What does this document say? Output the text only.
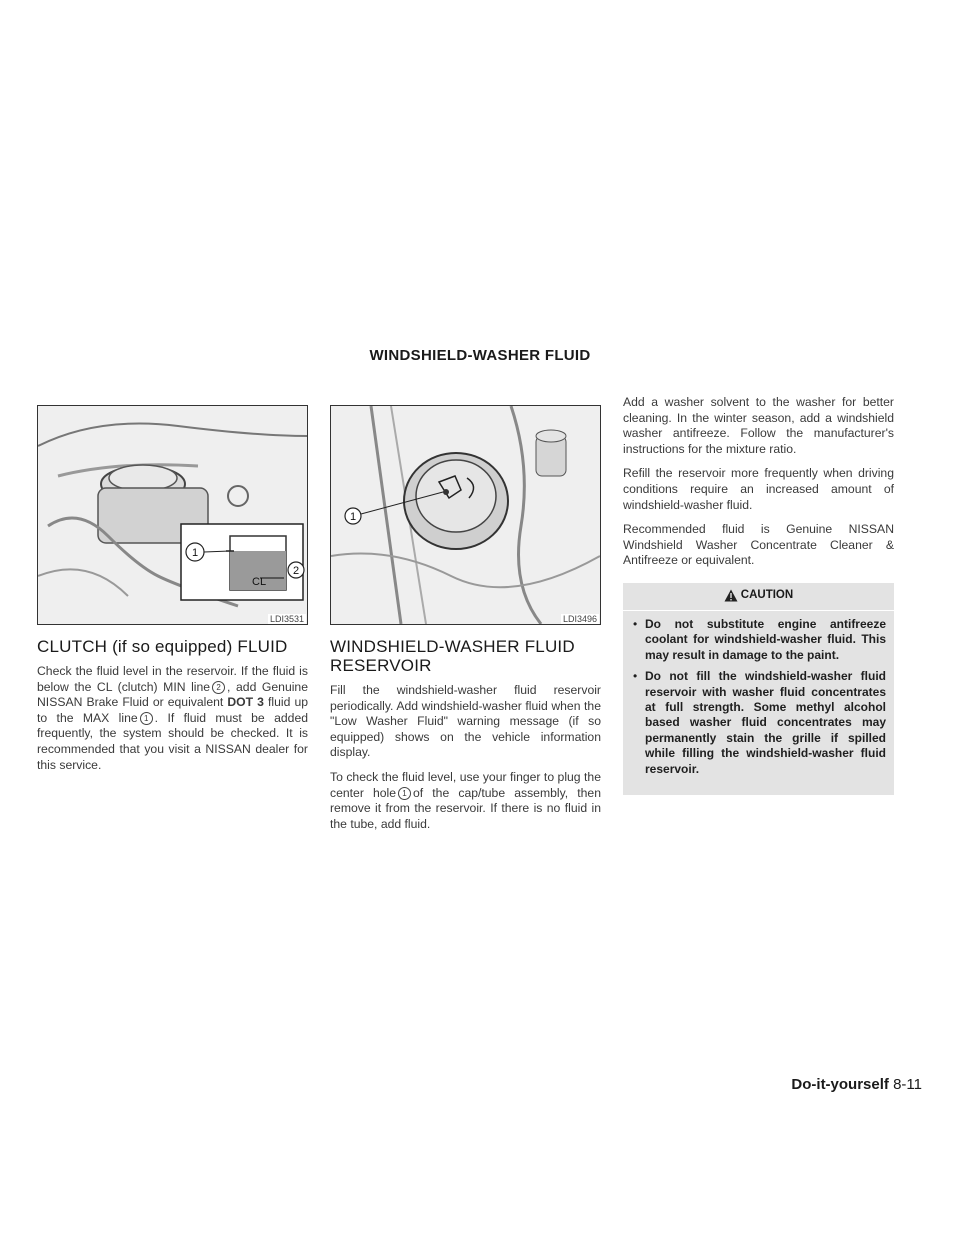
WINDSHIELD-WASHER FLUID
CL
1
2
LDI3531
CLUTCH (if so equipped) FLUID

Check the fluid level in the reservoir. If the fluid is below the CL (clutch) MIN line 2 , add Genuine NISSAN Brake Fluid or equivalent DOT 3 fluid up to the MAX line 1 . If fluid must be added frequently, the system should be checked. It is recommended that you visit a NISSAN dealer for this service.

1
LDI3496
WINDSHIELD-WASHER FLUID RESERVOIR

Fill the windshield-washer fluid reservoir periodically. Add windshield-washer fluid when the "Low Washer Fluid" warning message (if so equipped) shows on the vehicle information display.

To check the fluid level, use your finger to plug the center hole 1 of the cap/tube assembly, then remove it from the reservoir. If there is no fluid in the tube, add fluid.

Add a washer solvent to the washer for better cleaning. In the winter season, add a windshield washer antifreeze. Follow the manufacturer's instructions for the mixture ratio.

Refill the reservoir more frequently when driving conditions require an increased amount of windshield-washer fluid.

Recommended fluid is Genuine NISSAN Windshield Washer Concentrate Cleaner & Antifreeze or equivalent.

CAUTION
• Do not substitute engine antifreeze coolant for windshield-washer fluid. This may result in damage to the paint.
• Do not fill the windshield-washer fluid reservoir with washer fluid concentrates at full strength. Some methyl alcohol based washer fluid concentrates may permanently stain the grille if spilled while filling the windshield-washer fluid reservoir.
Do-it-yourself 8-11
